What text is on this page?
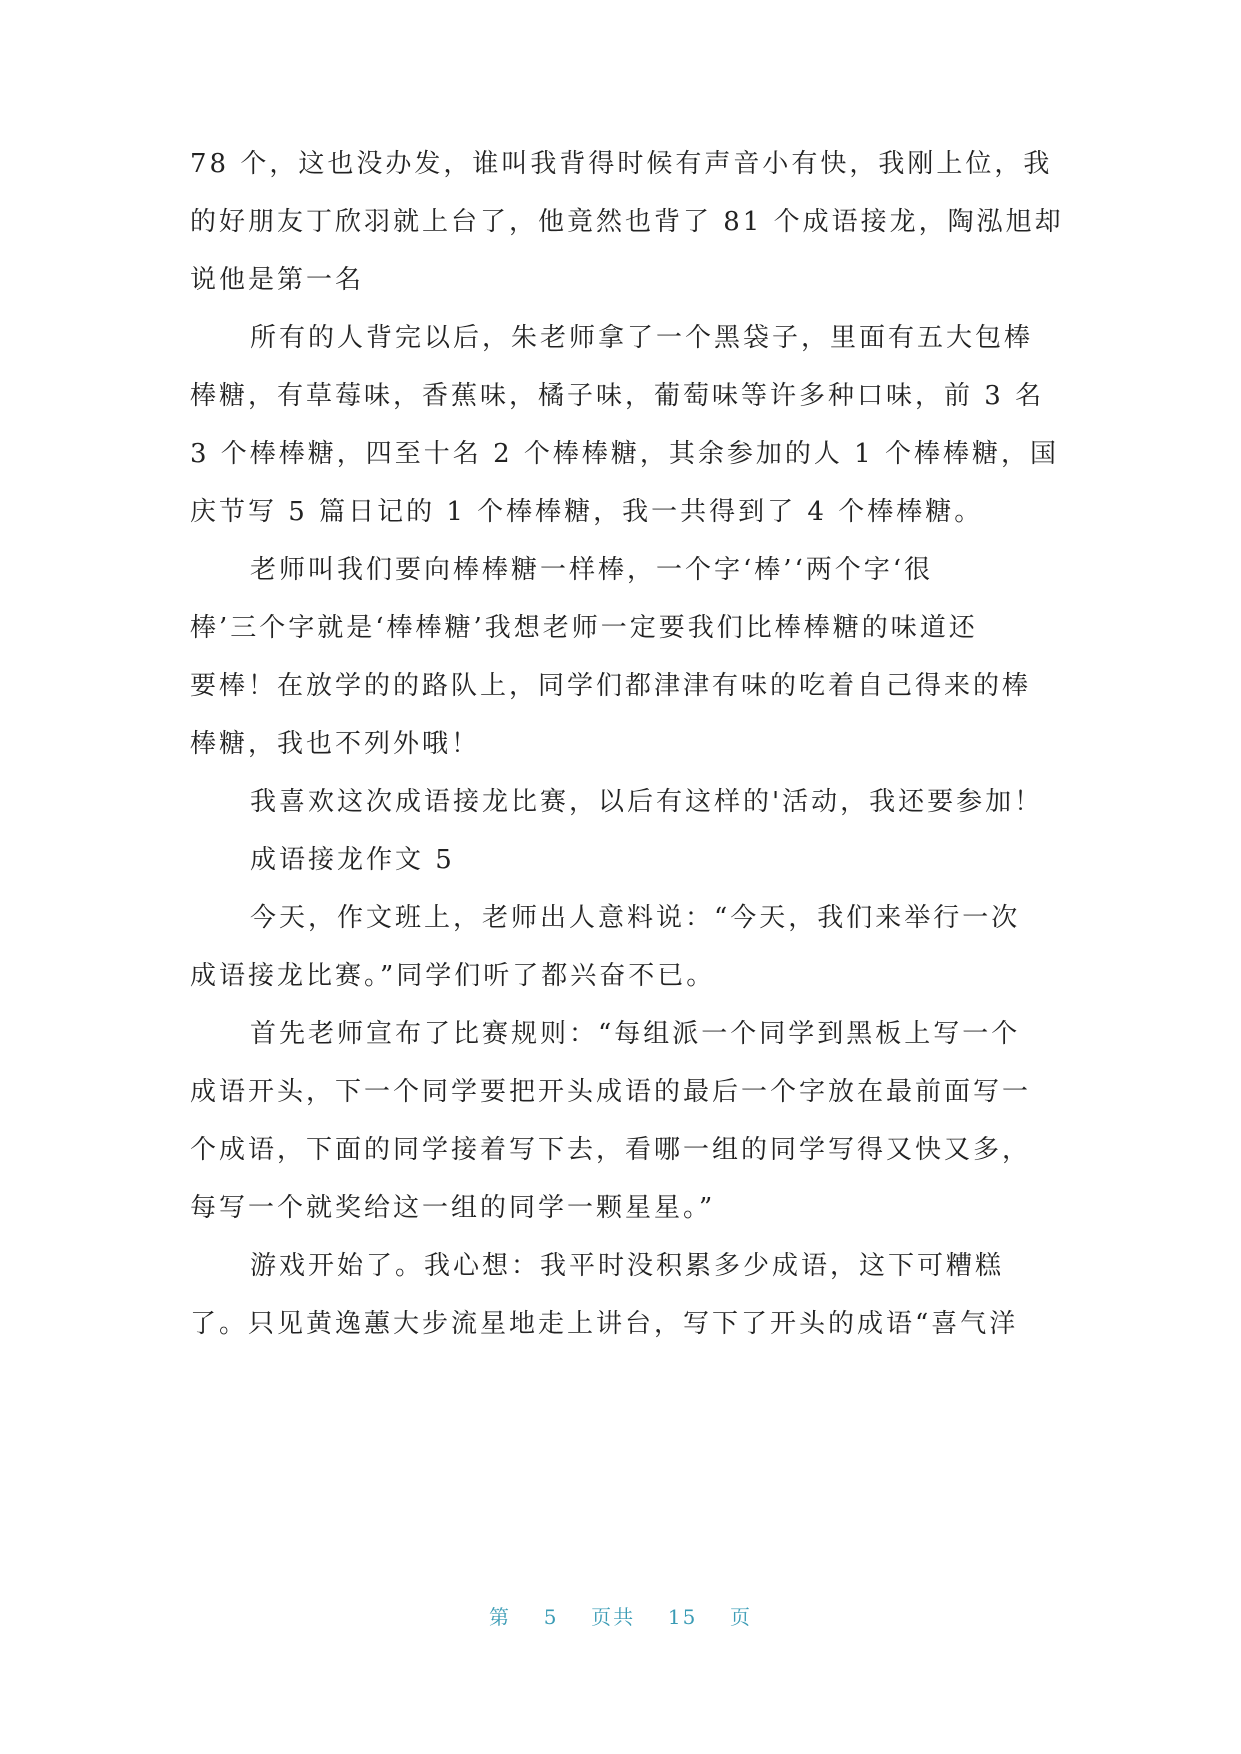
78 个，这也没办发，谁叫我背得时候有声音小有快，我刚上位，我
的好朋友丁欣羽就上台了，他竟然也背了 81 个成语接龙，陶泓旭却
说他是第一名
所有的人背完以后，朱老师拿了一个黑袋子，里面有五大包棒
棒糖，有草莓味，香蕉味，橘子味，葡萄味等许多种口味，前 3 名
3 个棒棒糖，四至十名 2 个棒棒糖，其余参加的人 1 个棒棒糖，国
庆节写 5 篇日记的 1 个棒棒糖，我一共得到了 4 个棒棒糖。
老师叫我们要向棒棒糖一样棒，一个字‘棒’‘两个字‘很
棒’三个字就是‘棒棒糖’我想老师一定要我们比棒棒糖的味道还
要棒！在放学的的路队上，同学们都津津有味的吃着自己得来的棒
棒糖，我也不列外哦！
我喜欢这次成语接龙比赛，以后有这样的'活动，我还要参加！
成语接龙作文 5
今天，作文班上，老师出人意料说：“今天，我们来举行一次
成语接龙比赛。”同学们听了都兴奋不已。
首先老师宣布了比赛规则：“每组派一个同学到黑板上写一个
成语开头，下一个同学要把开头成语的最后一个字放在最前面写一
个成语，下面的同学接着写下去，看哪一组的同学写得又快又多，
每写一个就奖给这一组的同学一颗星星。”
游戏开始了。我心想：我平时没积累多少成语，这下可糟糕
了。只见黄逸蕙大步流星地走上讲台，写下了开头的成语“喜气洋
第 5 页共 15 页
